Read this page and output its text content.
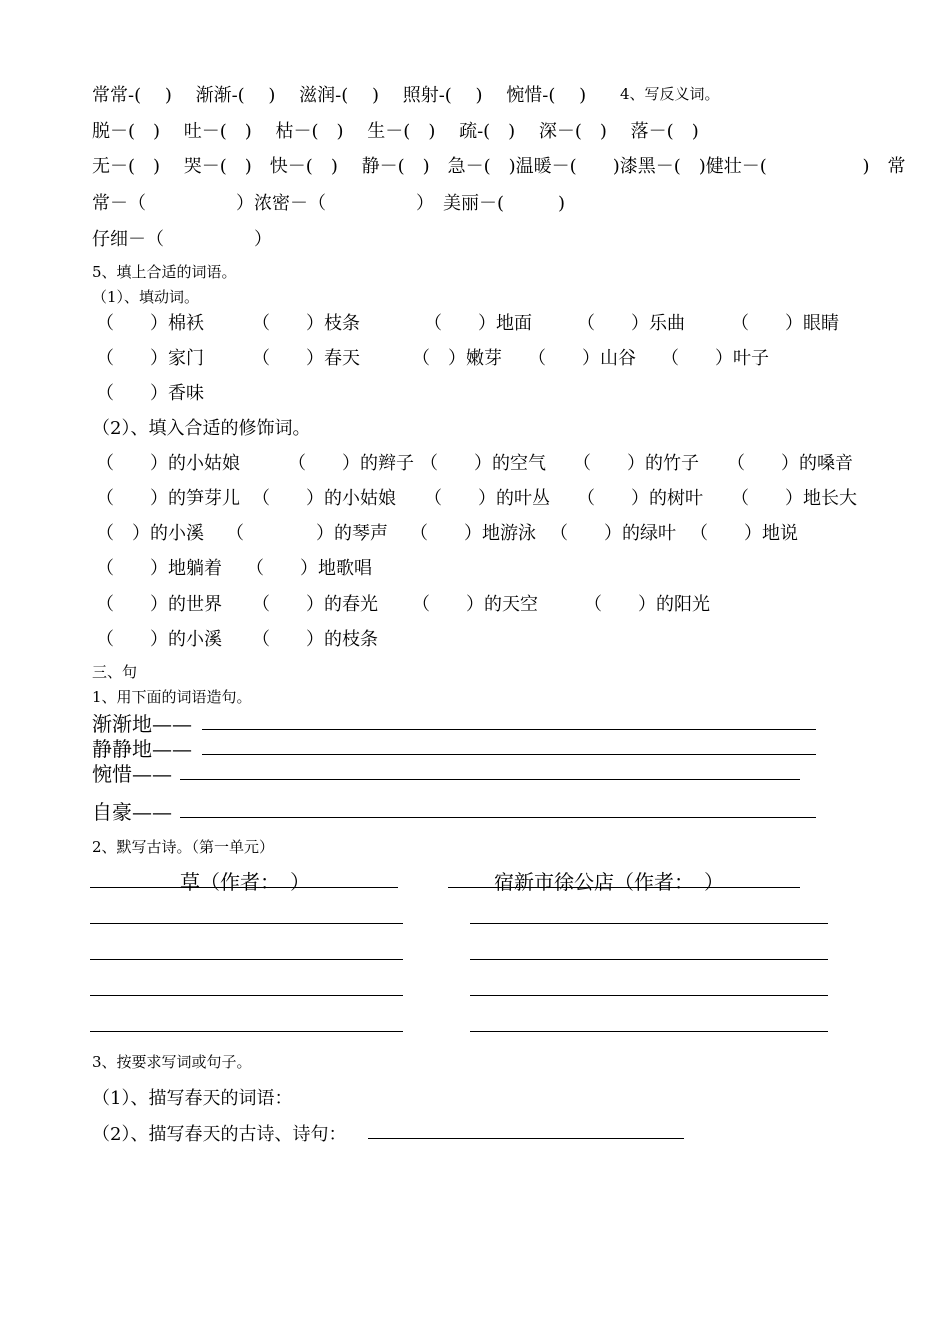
常常-(　 )　 渐渐-(　 )　 滋润-(　 )　 照射-(　 )　 惋惜-(　 ) 4、写反义词。
脱－(　)　 吐－(　)　 枯－(　)　 生－(　)　 疏-(　)　 深－(　)　 落－(　)
无－(　)　 哭－(　)　快－(　)　 静－(　)　急－(　)温暖－(　　)漆黑－(　)健壮－(　　　　　 )　常
常－（　　　　　）浓密－（　　　　　）　美丽－(　　　)
仔细－（　　　　　）
5、填上合适的词语。
（1）、填动词。
（　　）棉袄	（　　）枝条	（　　）地面	（　　）乐曲	（　　）眼睛
（　　）家门	（　　）春天	（　）嫩芽	（　　）山谷	（　　）叶子
（　　）香味
（2）、填入合适的修饰词。
（　　）的小姑娘	（　　）的辫子 （　　）的空气	（　　）的竹子	（　　）的嗓音
（　　）的笋芽儿 （　　）的小姑娘	（　　）的叶丛	（　　）的树叶	（　　）地长大
（　）的小溪	（　　　　）的琴声	（　　）地游泳 （　　）的绿叶 （　　）地说
（　　）地躺着	（　　）地歌唱
（　　）的世界	（　　）的春光	（　　）的天空	（　　）的阳光
（　　）的小溪	（　　）的枝条
三、句
1、用下面的词语造句。
渐渐地——
静静地——
惋惜——
自豪——
2、默写古诗。（第一单元）
草（作者：　）	宿新市徐公店（作者：　）
3、按要求写词或句子。
（1）、描写春天的词语：
（2）、描写春天的古诗、诗句：
